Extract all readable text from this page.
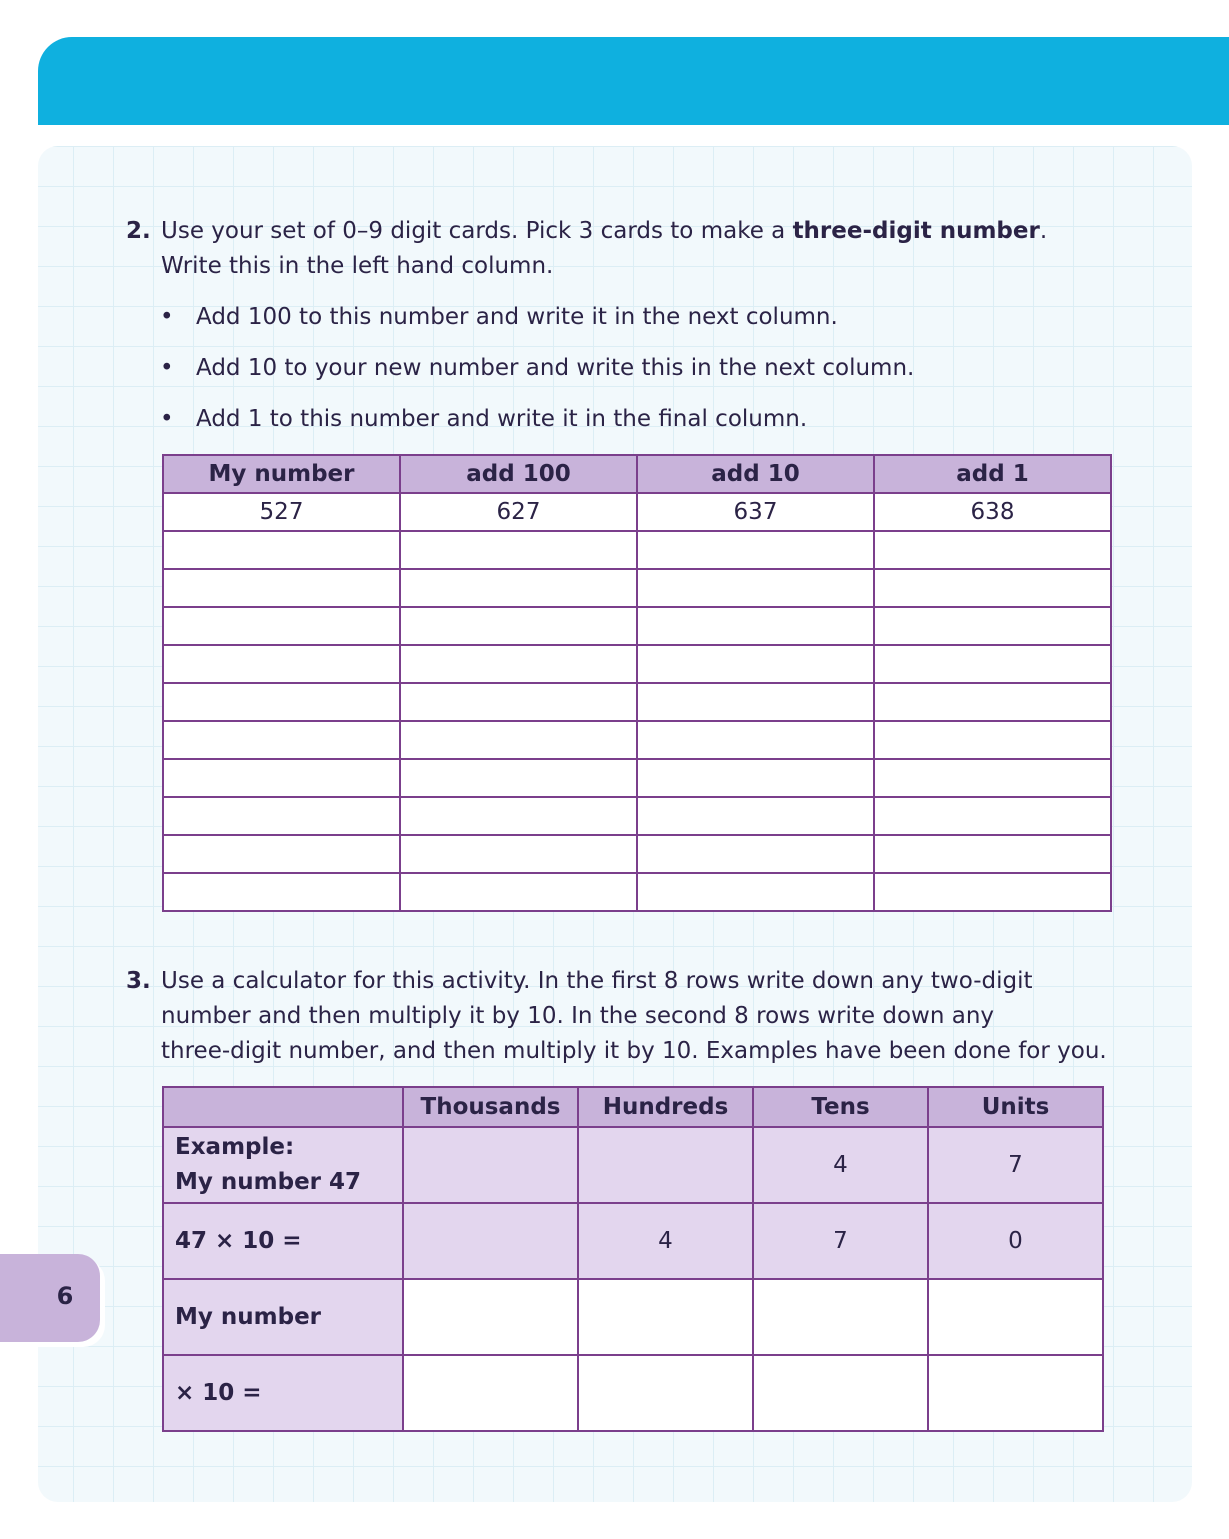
2. Use your set of 0–9 digit cards. Pick 3 cards to make a three-digit number.
Write this in the left hand column.

• Add 100 to this number and write it in the next column.
• Add 10 to your new number and write this in the next column.
• Add 1 to this number and write it in the final column.
My number	add 100	add 10	add 1
527	627	637	638

3. Use a calculator for this activity. In the first 8 rows write down any two-digit
number and then multiply it by 10. In the second 8 rows write down any
three-digit number, and then multiply it by 10. Examples have been done for you.

	Thousands	Hundreds	Tens	Units
Example:
My number 47			4	7
47 × 10 =		4	7	0
My number				
× 10 =				
6
